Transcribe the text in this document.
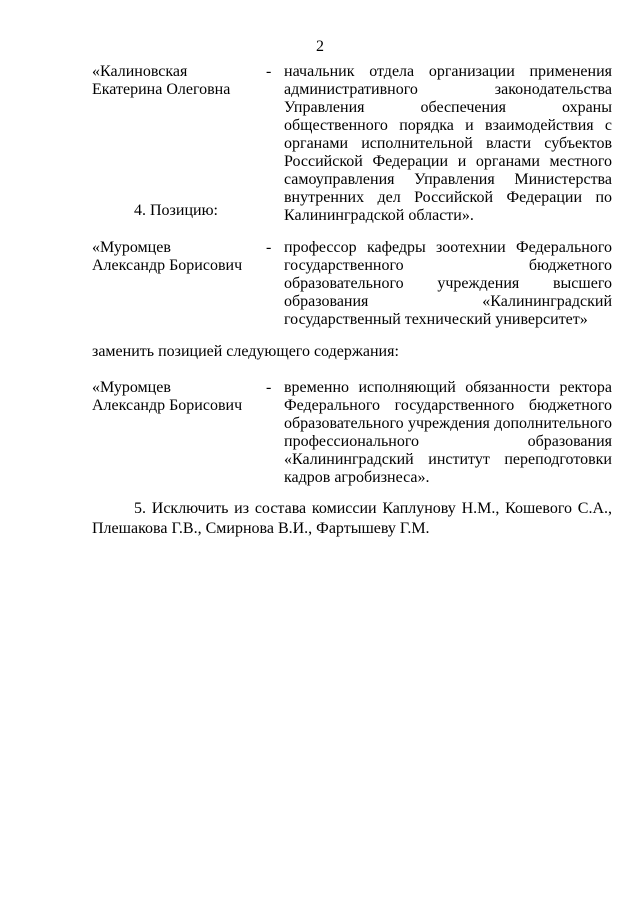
2
«Калиновская
Екатерина Олеговна
- начальник отдела организации применения административного законодательства Управления обеспечения охраны общественного порядка и взаимодействия с органами исполнительной власти субъектов Российской Федерации и органами местного самоуправления Управления Министерства внутренних дел Российской Федерации по Калининградской области».
4. Позицию:
«Муромцев
Александр Борисович
- профессор кафедры зоотехнии Федерального государственного бюджетного образовательного учреждения высшего образования «Калининградский государственный технический университет»
заменить позицией следующего содержания:
«Муромцев
Александр Борисович
- временно исполняющий обязанности ректора Федерального государственного бюджетного образовательного учреждения дополнительного профессионального образования «Калининградский институт переподготовки кадров агробизнеса».
5. Исключить из состава комиссии Каплунову Н.М., Кошевого С.А., Плешакова Г.В., Смирнова В.И., Фартышеву Г.М.
